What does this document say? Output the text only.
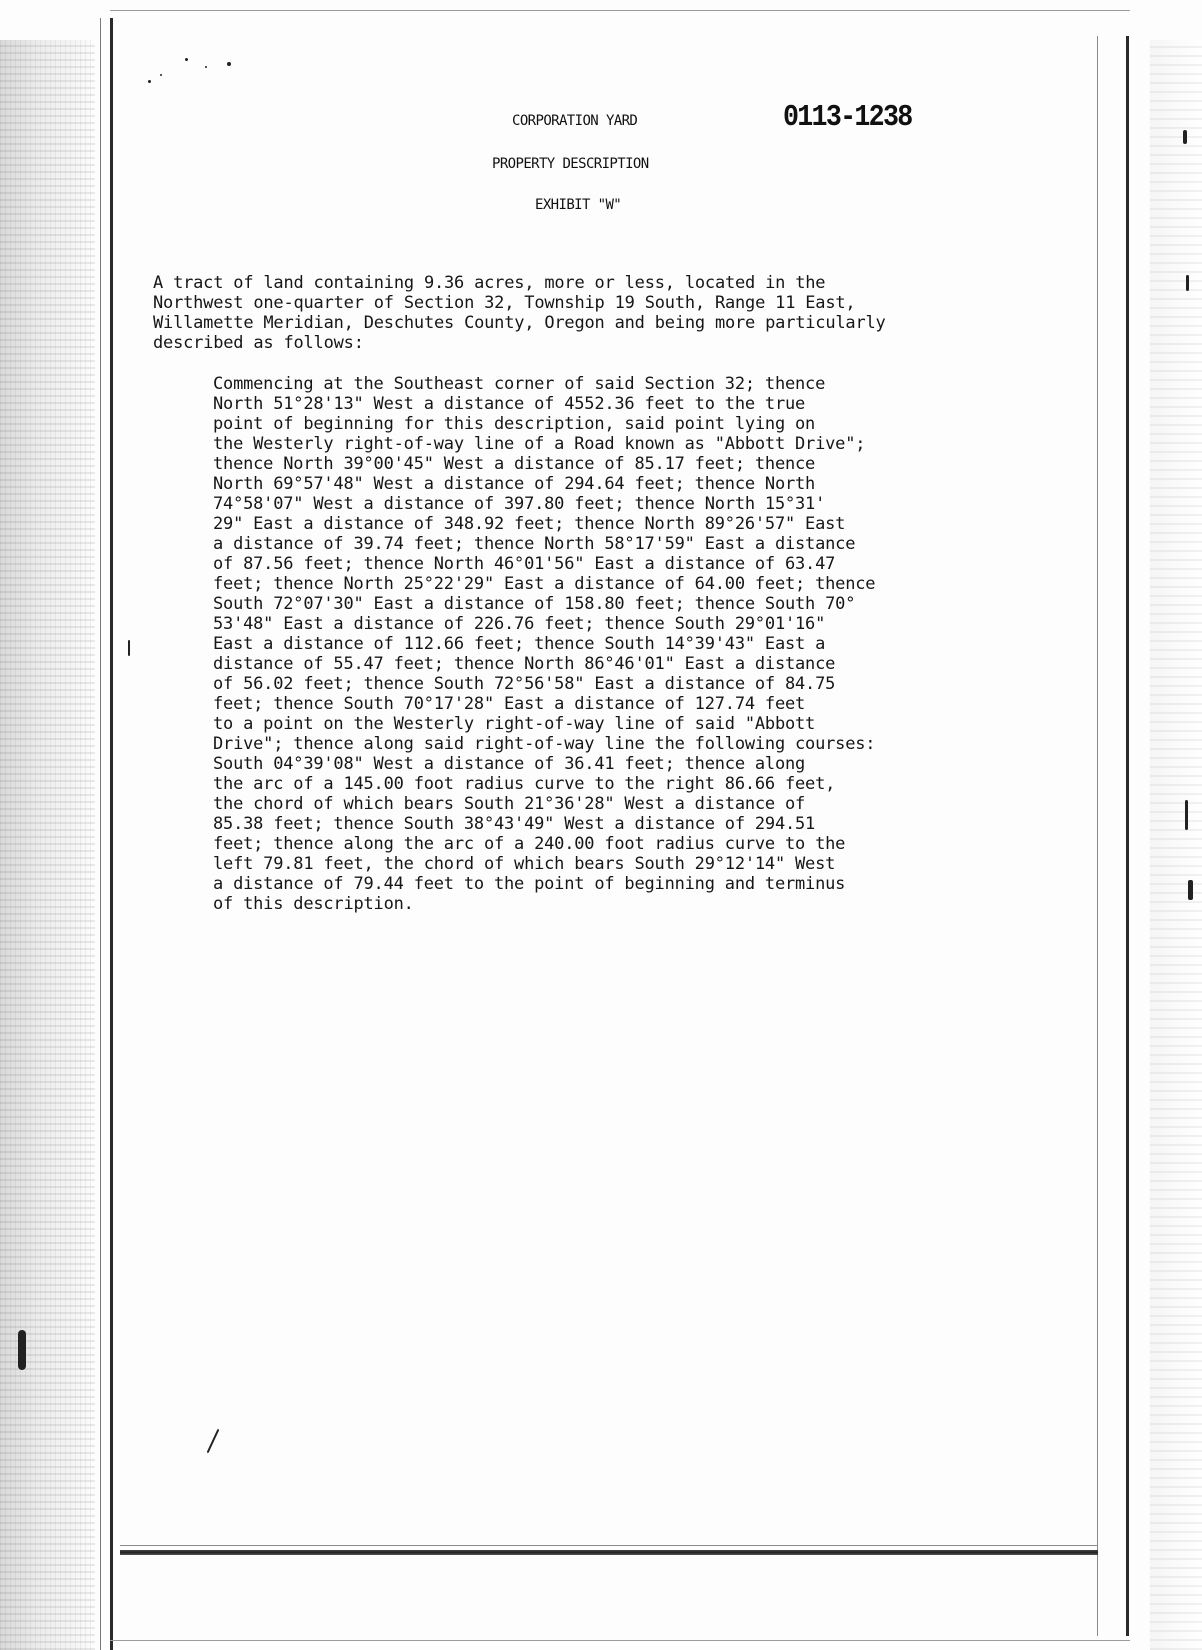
CORPORATION YARD	0113-1238
PROPERTY DESCRIPTION
EXHIBIT "W"

A tract of land containing 9.36 acres, more or less, located in the
Northwest one-quarter of Section 32, Township 19 South, Range 11 East,
Willamette Meridian, Deschutes County, Oregon and being more particularly
described as follows:

Commencing at the Southeast corner of said Section 32; thence
North 51°28'13" West a distance of 4552.36 feet to the true
point of beginning for this description, said point lying on
the Westerly right-of-way line of a Road known as "Abbott Drive";
thence North 39°00'45" West a distance of 85.17 feet; thence
North 69°57'48" West a distance of 294.64 feet; thence North
74°58'07" West a distance of 397.80 feet; thence North 15°31'
29" East a distance of 348.92 feet; thence North 89°26'57" East
a distance of 39.74 feet; thence North 58°17'59" East a distance
of 87.56 feet; thence North 46°01'56" East a distance of 63.47
feet; thence North 25°22'29" East a distance of 64.00 feet; thence
South 72°07'30" East a distance of 158.80 feet; thence South 70°
53'48" East a distance of 226.76 feet; thence South 29°01'16"
East a distance of 112.66 feet; thence South 14°39'43" East a
distance of 55.47 feet; thence North 86°46'01" East a distance
of 56.02 feet; thence South 72°56'58" East a distance of 84.75
feet; thence South 70°17'28" East a distance of 127.74 feet
to a point on the Westerly right-of-way line of said "Abbott
Drive"; thence along said right-of-way line the following courses:
South 04°39'08" West a distance of 36.41 feet; thence along
the arc of a 145.00 foot radius curve to the right 86.66 feet,
the chord of which bears South 21°36'28" West a distance of
85.38 feet; thence South 38°43'49" West a distance of 294.51
feet; thence along the arc of a 240.00 foot radius curve to the
left 79.81 feet, the chord of which bears South 29°12'14" West
a distance of 79.44 feet to the point of beginning and terminus
of this description.
